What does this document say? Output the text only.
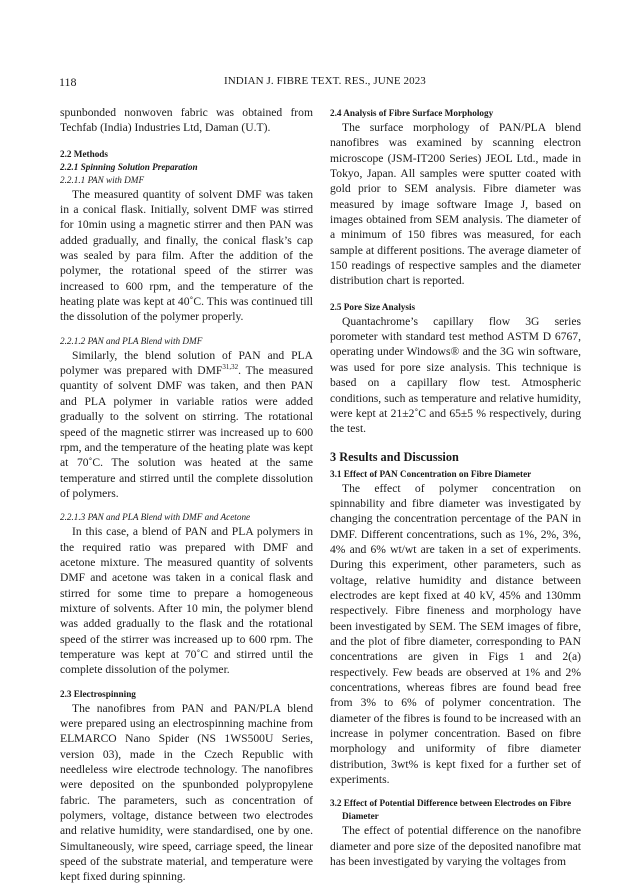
118	INDIAN J. FIBRE TEXT. RES., JUNE 2023

spunbonded nonwoven fabric was obtained from Techfab (India) Industries Ltd, Daman (U.T).

2.2 Methods
2.2.1 Spinning Solution Preparation
2.2.1.1 PAN with DMF

The measured quantity of solvent DMF was taken in a conical flask. Initially, solvent DMF was stirred for 10min using a magnetic stirrer and then PAN was added gradually, and finally, the conical flask’s cap was sealed by para film. After the addition of the polymer, the rotational speed of the stirrer was increased to 600 rpm, and the temperature of the heating plate was kept at 40˚C. This was continued till the dissolution of the polymer properly.

2.2.1.2 PAN and PLA Blend with DMF

Similarly, the blend solution of PAN and PLA polymer was prepared with DMF$^{31,32}$. The measured quantity of solvent DMF was taken, and then PAN and PLA polymer in variable ratios were added gradually to the solvent on stirring. The rotational speed of the magnetic stirrer was increased up to 600 rpm, and the temperature of the heating plate was kept at 70˚C. The solution was heated at the same temperature and stirred until the complete dissolution of polymers.

2.2.1.3 PAN and PLA Blend with DMF and Acetone

In this case, a blend of PAN and PLA polymers in the required ratio was prepared with DMF and acetone mixture. The measured quantity of solvents DMF and acetone was taken in a conical flask and stirred for some time to prepare a homogeneous mixture of solvents. After 10 min, the polymer blend was added gradually to the flask and the rotational speed of the stirrer was increased up to 600 rpm. The temperature was kept at 70˚C and stirred until the complete dissolution of the polymer.

2.3 Electrospinning

The nanofibres from PAN and PAN/PLA blend were prepared using an electrospinning machine from ELMARCO Nano Spider (NS 1WS500U Series, version 03), made in the Czech Republic with needleless wire electrode technology. The nanofibres were deposited on the spunbonded polypropylene fabric. The parameters, such as concentration of polymers, voltage, distance between two electrodes and relative humidity, were standardised, one by one. Simultaneously, wire speed, carriage speed, the linear speed of the substrate material, and temperature were kept fixed during spinning.

2.4 Analysis of Fibre Surface Morphology

The surface morphology of PAN/PLA blend nanofibres was examined by scanning electron microscope (JSM-IT200 Series) JEOL Ltd., made in Tokyo, Japan. All samples were sputter coated with gold prior to SEM analysis. Fibre diameter was measured by image software Image J, based on images obtained from SEM analysis. The diameter of a minimum of 150 fibres was measured, for each sample at different positions. The average diameter of 150 readings of respective samples and the diameter distribution chart is reported.

2.5 Pore Size Analysis

Quantachrome’s capillary flow 3G series porometer with standard test method ASTM D 6767, operating under Windows® and the 3G win software, was used for pore size analysis. This technique is based on a capillary flow test. Atmospheric conditions, such as temperature and relative humidity, were kept at 21±2˚C and 65±5 % respectively, during the test.

3 Results and Discussion
3.1 Effect of PAN Concentration on Fibre Diameter

The effect of polymer concentration on spinnability and fibre diameter was investigated by changing the concentration percentage of the PAN in DMF. Different concentrations, such as 1%, 2%, 3%, 4% and 6% wt/wt are taken in a set of experiments. During this experiment, other parameters, such as voltage, relative humidity and distance between electrodes are kept fixed at 40 kV, 45% and 130mm respectively. Fibre fineness and morphology have been investigated by SEM. The SEM images of fibre, and the plot of fibre diameter, corresponding to PAN concentrations are given in Figs 1 and 2(a) respectively. Few beads are observed at 1% and 2% concentrations, whereas fibres are found bead free from 3% to 6% of polymer concentration. The diameter of the fibres is found to be increased with an increase in polymer concentration. Based on fibre morphology and uniformity of fibre diameter distribution, 3wt% is kept fixed for a further set of experiments.

3.2 Effect of Potential Difference between Electrodes on Fibre Diameter

The effect of potential difference on the nanofibre diameter and pore size of the deposited nanofibre mat has been investigated by varying the voltages from
